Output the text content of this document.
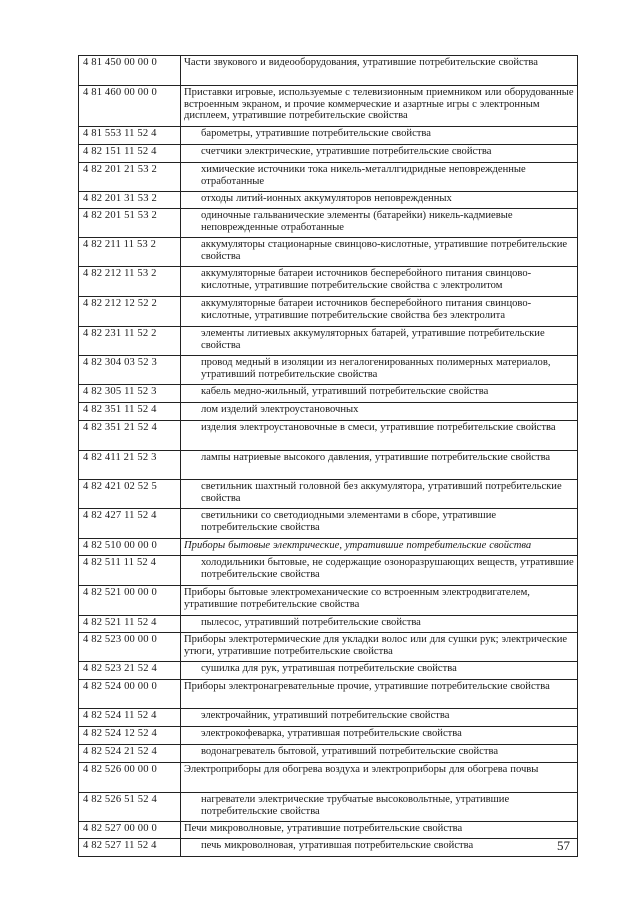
4 81 450 00 00 0	Части звукового и видеооборудования, утратившие потребительские свойства
4 81 460 00 00 0	Приставки игровые, используемые с телевизионным приемником или оборудованные встроенным экраном, и прочие коммерческие и азартные игры с электронным дисплеем, утратившие потребительские свойства
4 81 553 11 52 4	барометры, утратившие потребительские свойства
4 82 151 11 52 4	счетчики электрические, утратившие потребительские свойства
4 82 201 21 53 2	химические источники тока никель-металлгидридные неповрежденные отработанные
4 82 201 31 53 2	отходы литий-ионных аккумуляторов неповрежденных
4 82 201 51 53 2	одиночные гальванические элементы (батарейки) никель-кадмиевые неповрежденные отработанные
4 82 211 11 53 2	аккумуляторы стационарные свинцово-кислотные, утратившие потребительские свойства
4 82 212 11 53 2	аккумуляторные батареи источников бесперебойного питания свинцово-кислотные, утратившие потребительские свойства с электролитом
4 82 212 12 52 2	аккумуляторные батареи источников бесперебойного питания свинцово-кислотные, утратившие потребительские свойства без электролита
4 82 231 11 52 2	элементы литиевых аккумуляторных батарей, утратившие потребительские свойства
4 82 304 03 52 3	провод медный в изоляции из негалогенированных полимерных материалов, утративший потребительские свойства
4 82 305 11 52 3	кабель медно-жильный, утративший потребительские свойства
4 82 351 11 52 4	лом изделий электроустановочных
4 82 351 21 52 4	изделия электроустановочные в смеси, утратившие потребительские свойства
4 82 411 21 52 3	лампы натриевые высокого давления, утратившие потребительские свойства
4 82 421 02 52 5	светильник шахтный головной без аккумулятора, утративший потребительские свойства
4 82 427 11 52 4	светильники со светодиодными элементами в сборе, утратившие потребительские свойства
4 82 510 00 00 0	Приборы бытовые электрические, утратившие потребительские свойства
4 82 511 11 52 4	холодильники бытовые, не содержащие озоноразрушающих веществ, утратившие потребительские свойства
4 82 521 00 00 0	Приборы бытовые электромеханические со встроенным электродвигателем, утратившие потребительские свойства
4 82 521 11 52 4	пылесос, утративший потребительские свойства
4 82 523 00 00 0	Приборы электротермические для укладки волос или для сушки рук; электрические утюги, утратившие потребительские свойства
4 82 523 21 52 4	сушилка для рук, утратившая потребительские свойства
4 82 524 00 00 0	Приборы электронагревательные прочие, утратившие потребительские свойства
4 82 524 11 52 4	электрочайник, утративший потребительские свойства
4 82 524 12 52 4	электрокофеварка, утратившая потребительские свойства
4 82 524 21 52 4	водонагреватель бытовой, утративший потребительские свойства
4 82 526 00 00 0	Электроприборы для обогрева воздуха и электроприборы для обогрева почвы
4 82 526 51 52 4	нагреватели электрические трубчатые высоковольтные, утратившие потребительские свойства
4 82 527 00 00 0	Печи микроволновые, утратившие потребительские свойства
4 82 527 11 52 4	печь микроволновая, утратившая потребительские свойства	57
